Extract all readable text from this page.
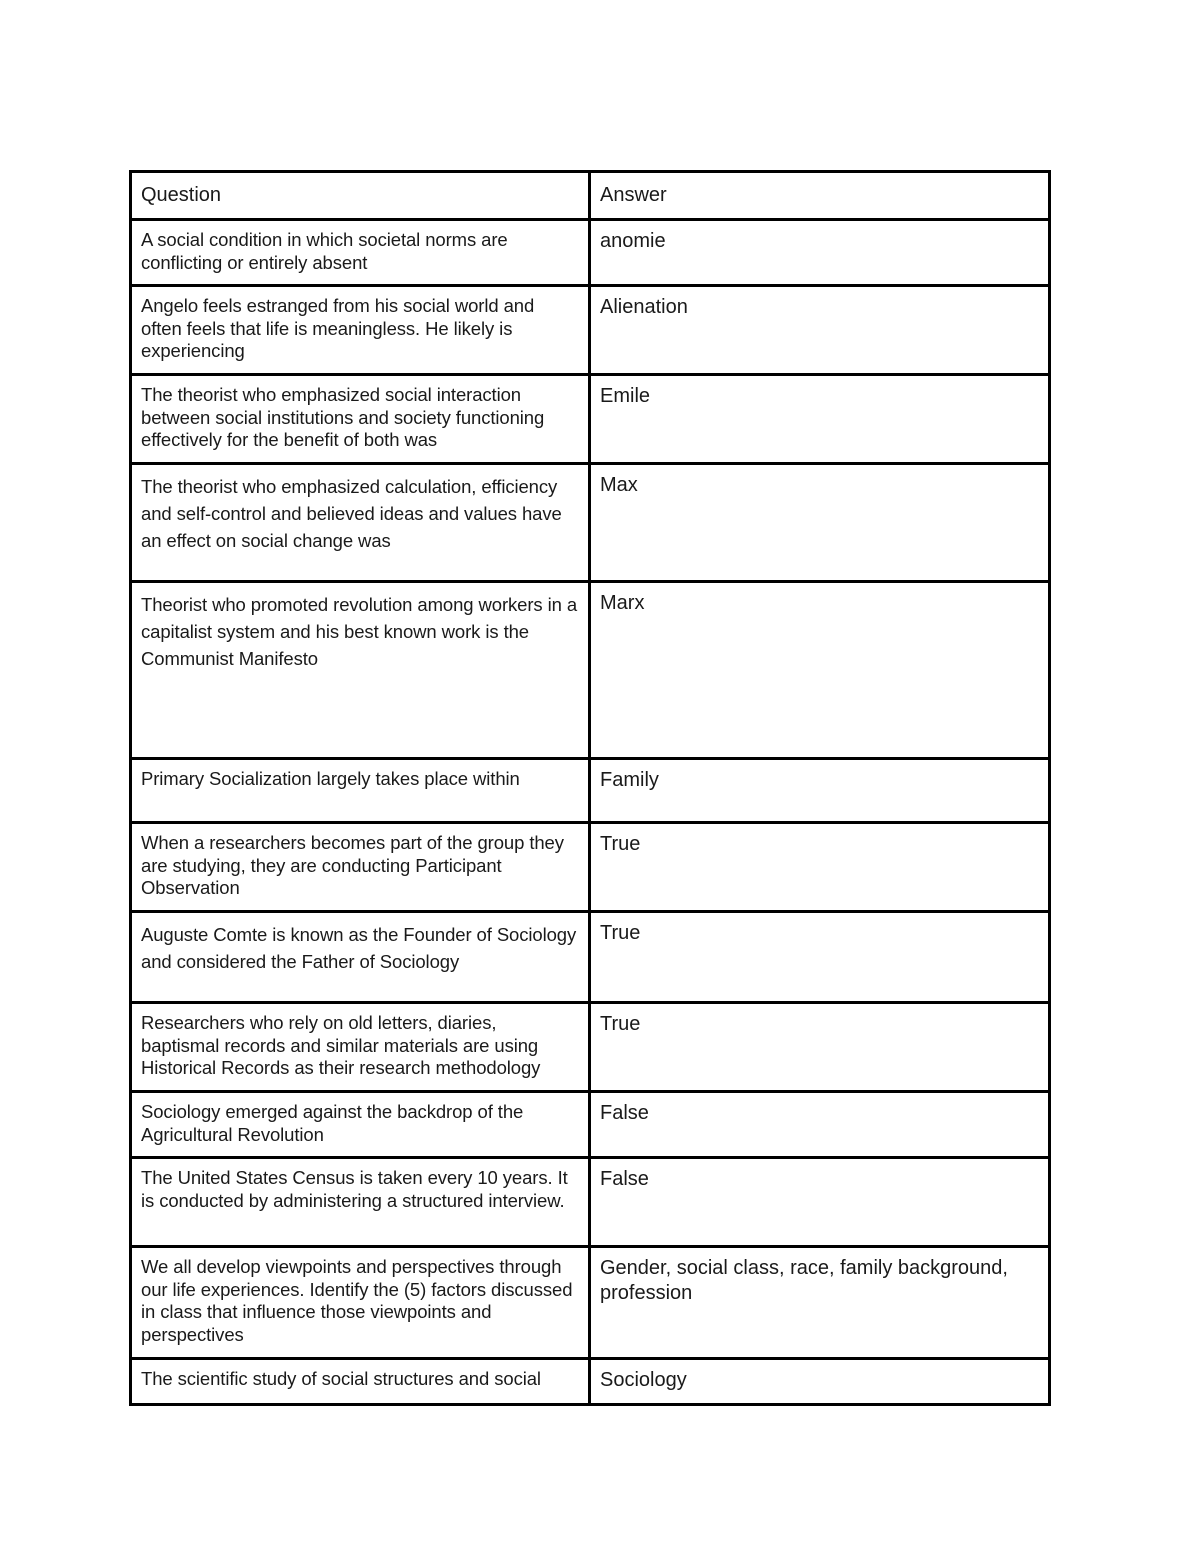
Question	Answer
A social condition in which societal norms are conflicting or entirely absent	anomie
Angelo feels estranged from his social world and often feels that life is meaningless. He likely is experiencing	Alienation
The theorist who emphasized social interaction between social institutions and society functioning effectively for the benefit of both was	Emile
The theorist who emphasized calculation, efficiency and self-control and believed ideas and values have an effect on social change was	Max
Theorist who promoted revolution among workers in a capitalist system and his best known work is the Communist Manifesto	Marx
Primary Socialization largely takes place within	Family
When a researchers becomes part of the group they are studying, they are conducting Participant Observation	True
Auguste Comte is known as the Founder of Sociology and considered the Father of Sociology	True
Researchers who rely on old letters, diaries, baptismal records and similar materials are using Historical Records as their research methodology	True
Sociology emerged against the backdrop of the Agricultural Revolution	False
The United States Census is taken every 10 years. It is conducted by administering a structured interview.	False
We all develop viewpoints and perspectives through our life experiences. Identify the (5) factors discussed in class that influence those viewpoints and perspectives	Gender, social class, race, family background, profession
The scientific study of social structures and social	Sociology
